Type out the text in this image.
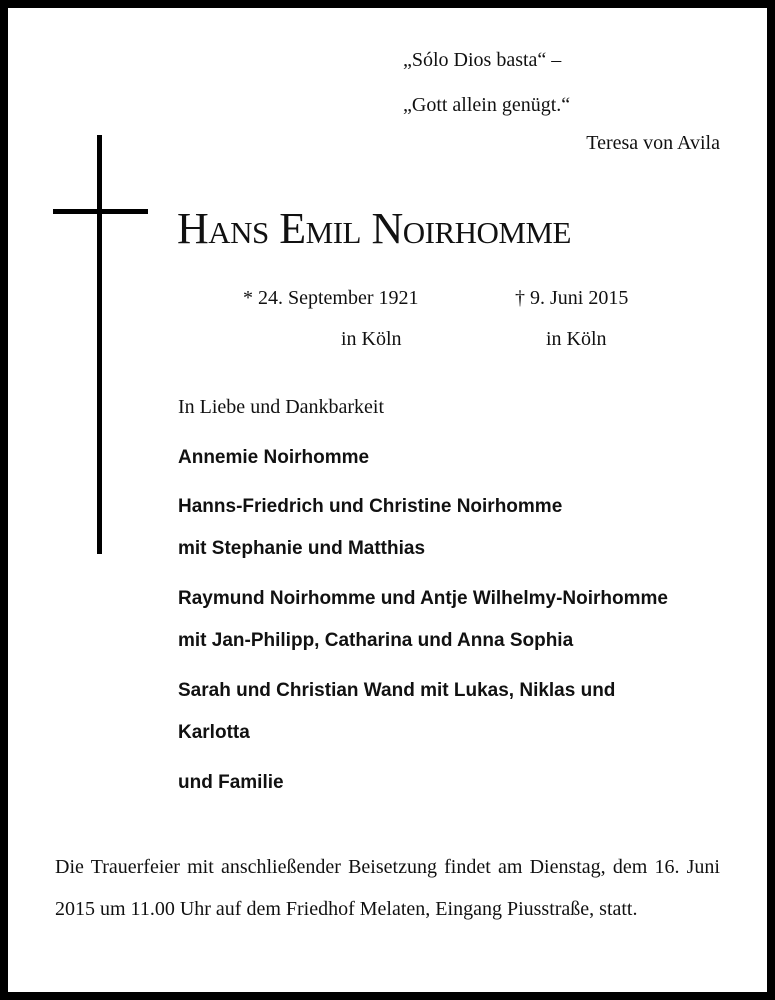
„Sólo Dios basta“ –
„Gott allein genügt.“
Teresa von Avila
Hans Emil Noirhomme
* 24. September 1921	† 9. Juni 2015
in Köln	in Köln
In Liebe und Dankbarkeit
Annemie Noirhomme
Hanns-Friedrich und Christine Noirhomme
mit Stephanie und Matthias
Raymund Noirhomme und Antje Wilhelmy-Noirhomme
mit Jan-Philipp, Catharina und Anna Sophia
Sarah und Christian Wand mit Lukas, Niklas und
Karlotta
und Familie
Die Trauerfeier mit anschließender Beisetzung findet am Dienstag, dem 16. Juni 2015 um 11.00 Uhr auf dem Friedhof Melaten, Eingang Piusstraße, statt.
